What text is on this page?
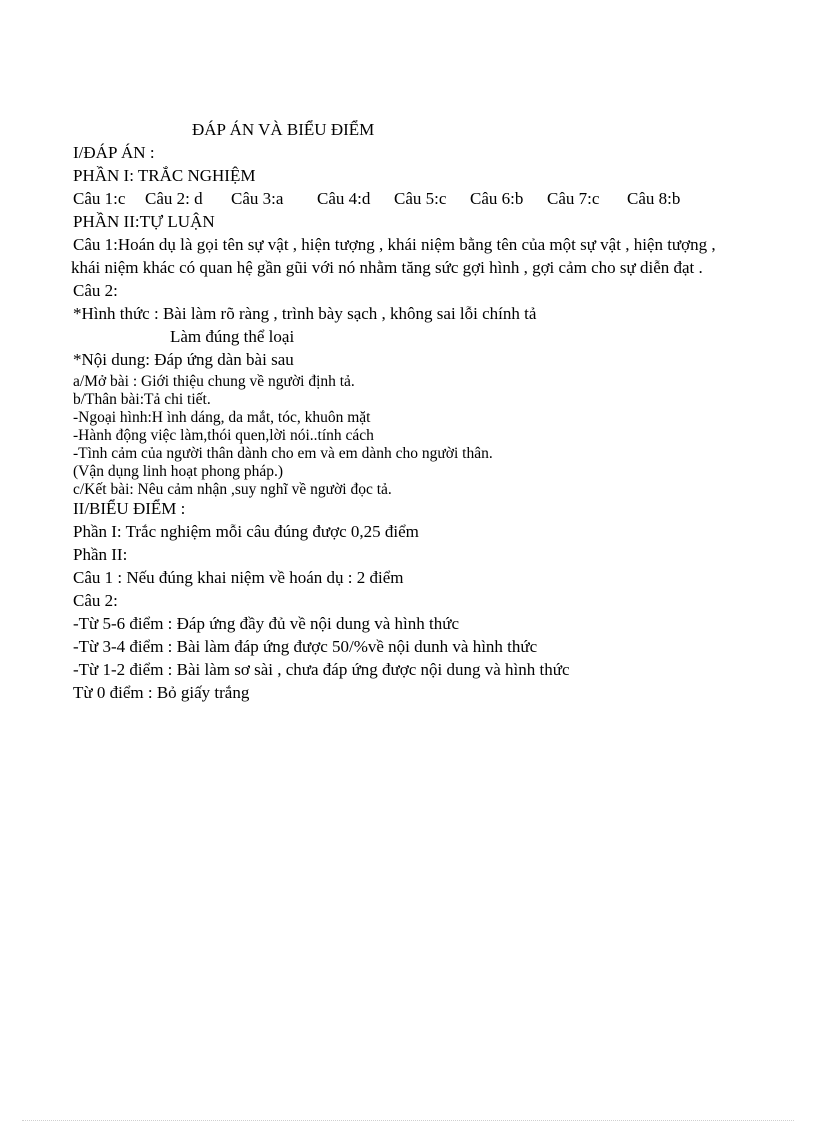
ĐÁP ÁN VÀ BIỂU ĐIỂM
I/ĐÁP ÁN :
PHẦN I: TRẮC NGHIỆM
Câu 1:c	Câu 2: d	Câu 3:a	Câu 4:d	Câu 5:c	Câu 6:b	Câu 7:c	Câu 8:b
PHẦN II:TỰ LUẬN
Câu 1:Hoán dụ là gọi tên sự vật , hiện tượng , khái niệm bằng tên của một sự vật , hiện tượng ,
khái niệm khác có quan hệ gần gũi với nó nhằm tăng sức gợi hình , gợi cảm cho sự diễn đạt .
Câu 2:
*Hình thức : Bài làm rõ ràng , trình bày sạch , không sai lỗi chính tả
Làm đúng thể loại
*Nội dung: Đáp ứng dàn bài sau
a/Mở bài : Giới thiệu chung về người định tả.
b/Thân bài:Tả chi tiết.
-Ngoại hình:H ình dáng, da mắt, tóc, khuôn mặt
-Hành động việc làm,thói quen,lời nói..tính cách
-Tình cảm của người thân dành cho em và em dành cho người thân.
(Vận dụng linh hoạt phong pháp.)
c/Kết bài: Nêu cảm nhận ,suy nghĩ về người đọc tả.
II/BIỂU ĐIỂM :
Phần I: Trắc nghiệm mỗi câu đúng được 0,25 điểm
Phần II:
Câu 1 : Nếu đúng khai niệm về hoán dụ : 2 điểm
Câu 2:
-Từ 5-6 điểm : Đáp ứng đầy đủ về nội dung và hình thức
-Từ 3-4 điểm : Bài làm đáp ứng được 50/%về nội dunh và hình thức
-Từ 1-2 điểm : Bài làm sơ sài , chưa đáp ứng được nội dung và hình thức
Từ 0 điểm : Bỏ giấy trắng
